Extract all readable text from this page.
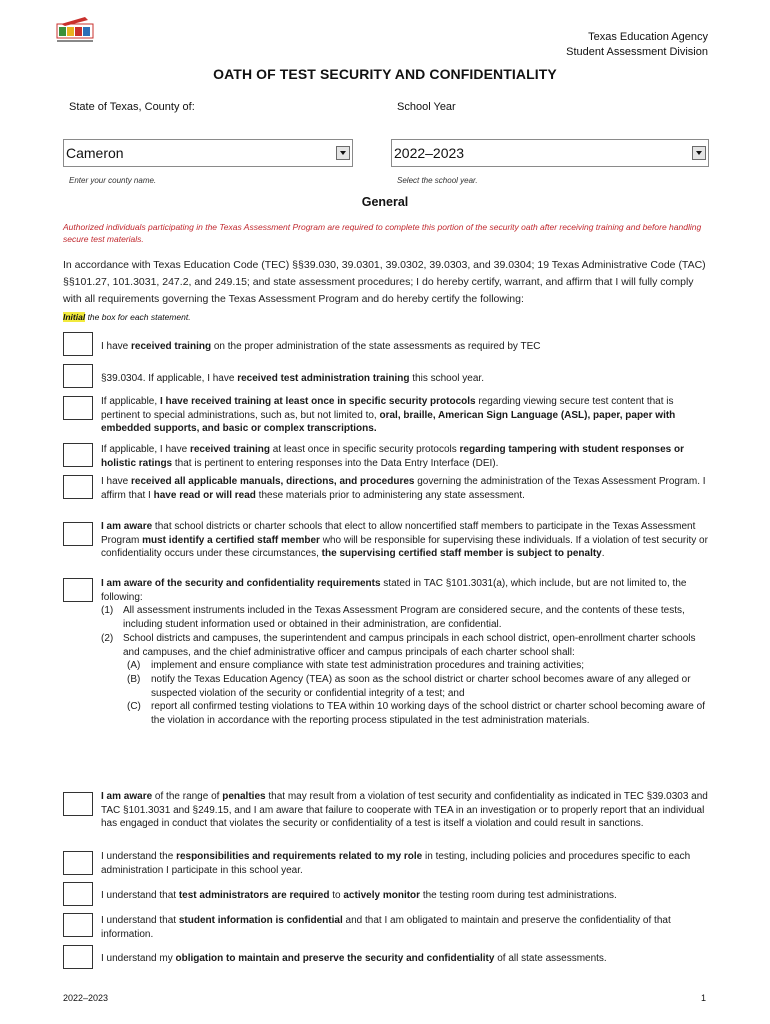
Texas Education Agency
Student Assessment Division
OATH OF TEST SECURITY AND CONFIDENTIALITY
State of Texas, County of:
Cameron
Enter your county name.
School Year
2022–2023
Select the school year.
General
Authorized individuals participating in the Texas Assessment Program are required to complete this portion of the security oath after receiving training and before handling secure test materials.
In accordance with Texas Education Code (TEC) §§39.030, 39.0301, 39.0302, 39.0303, and 39.0304; 19 Texas Administrative Code (TAC) §§101.27, 101.3031, 247.2, and 249.15; and state assessment procedures; I do hereby certify, warrant, and affirm that I will fully comply with all requirements governing the Texas Assessment Program and do hereby certify the following:
Initial the box for each statement.
I have received training on the proper administration of the state assessments as required by TEC
§39.0304. If applicable, I have received test administration training this school year.
If applicable, I have received training at least once in specific security protocols regarding viewing secure test content that is pertinent to special administrations, such as, but not limited to, oral, braille, American Sign Language (ASL), paper, paper with embedded supports, and basic or complex transcriptions.
If applicable, I have received training at least once in specific security protocols regarding tampering with student responses or holistic ratings that is pertinent to entering responses into the Data Entry Interface (DEI).
I have received all applicable manuals, directions, and procedures governing the administration of the Texas Assessment Program. I affirm that I have read or will read these materials prior to administering any state assessment.
I am aware that school districts or charter schools that elect to allow noncertified staff members to participate in the Texas Assessment Program must identify a certified staff member who will be responsible for supervising these individuals. If a violation of test security or confidentiality occurs under these circumstances, the supervising certified staff member is subject to penalty.
I am aware of the security and confidentiality requirements stated in TAC §101.3031(a), which include, but are not limited to, the following:
(1) All assessment instruments included in the Texas Assessment Program are considered secure, and the contents of these tests, including student information used or obtained in their administration, are confidential.
(2) School districts and campuses, the superintendent and campus principals in each school district, open-enrollment charter schools and campuses, and the chief administrative officer and campus principals of each charter school shall:
(A) implement and ensure compliance with state test administration procedures and training activities;
(B) notify the Texas Education Agency (TEA) as soon as the school district or charter school becomes aware of any alleged or suspected violation of the security or confidential integrity of a test; and
(C) report all confirmed testing violations to TEA within 10 working days of the school district or charter school becoming aware of the violation in accordance with the reporting process stipulated in the test administration materials.
I am aware of the range of penalties that may result from a violation of test security and confidentiality as indicated in TEC §39.0303 and TAC §101.3031 and §249.15, and I am aware that failure to cooperate with TEA in an investigation or to properly report that an individual has engaged in conduct that violates the security or confidentiality of a test is itself a violation and could result in sanctions.
I understand the responsibilities and requirements related to my role in testing, including policies and procedures specific to each administration I participate in this school year.
I understand that test administrators are required to actively monitor the testing room during test administrations.
I understand that student information is confidential and that I am obligated to maintain and preserve the confidentiality of that information.
I understand my obligation to maintain and preserve the security and confidentiality of all state assessments.
2022–2023	1
